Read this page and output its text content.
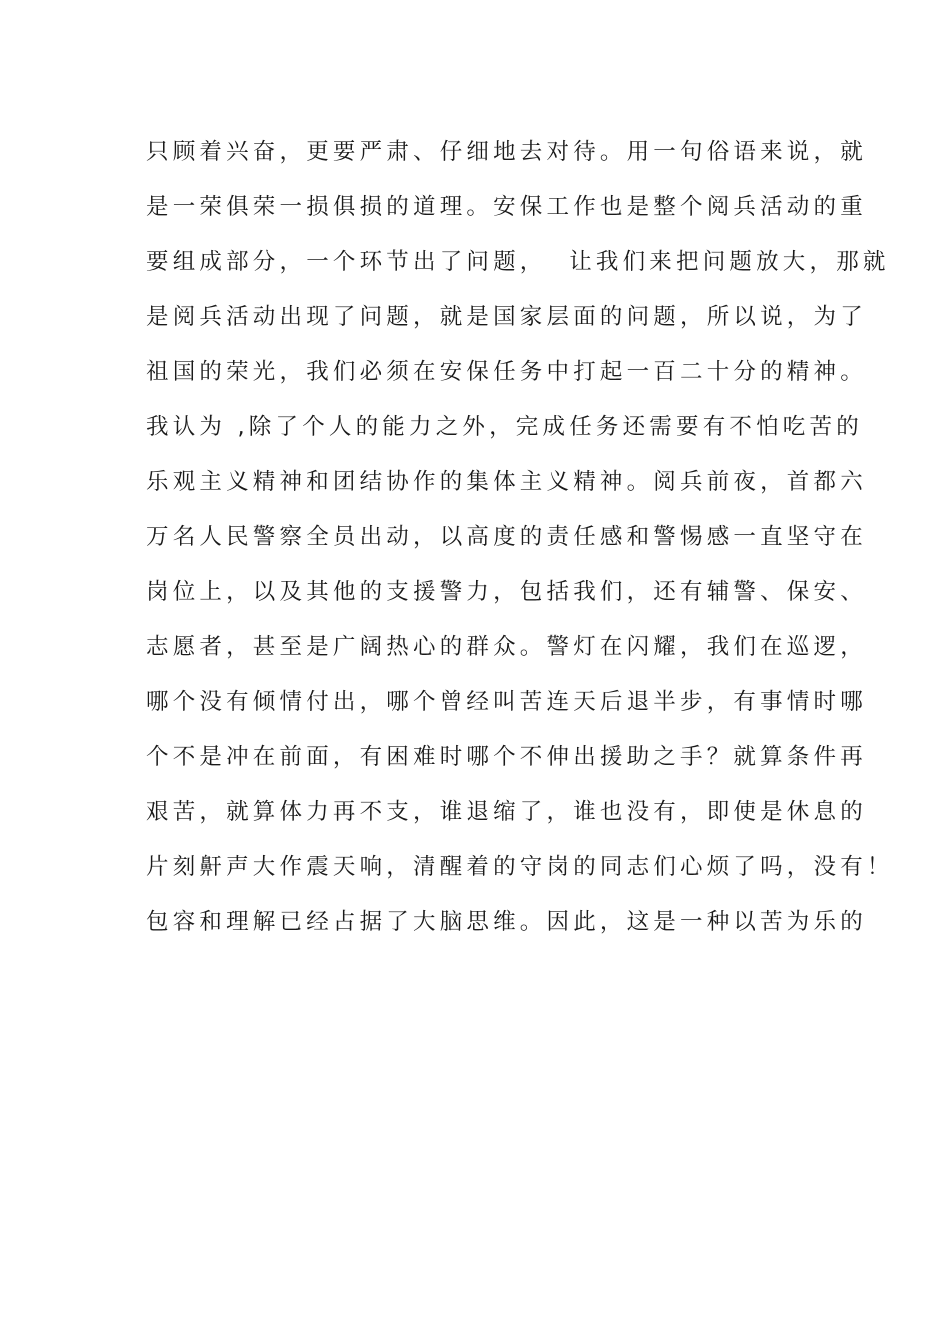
只顾着兴奋，更要严肃、仔细地去对待。用一句俗语来说，就
是一荣俱荣一损俱损的道理。安保工作也是整个阅兵活动的重
要组成部分，一个环节出了问题，  让我们来把问题放大，那就
是阅兵活动出现了问题，就是国家层面的问题，所以说，为了
祖国的荣光，我们必须在安保任务中打起一百二十分的精神。
我认为 ,除了个人的能力之外，完成任务还需要有不怕吃苦的
乐观主义精神和团结协作的集体主义精神。阅兵前夜，首都六
万名人民警察全员出动，以高度的责任感和警惕感一直坚守在
岗位上，以及其他的支援警力，包括我们，还有辅警、保安、
志愿者，甚至是广阔热心的群众。警灯在闪耀，我们在巡逻，
哪个没有倾情付出，哪个曾经叫苦连天后退半步，有事情时哪
个不是冲在前面，有困难时哪个不伸出援助之手？就算条件再
艰苦，就算体力再不支，谁退缩了，谁也没有，即使是休息的
片刻鼾声大作震天响，清醒着的守岗的同志们心烦了吗，没有！
包容和理解已经占据了大脑思维。因此，这是一种以苦为乐的
